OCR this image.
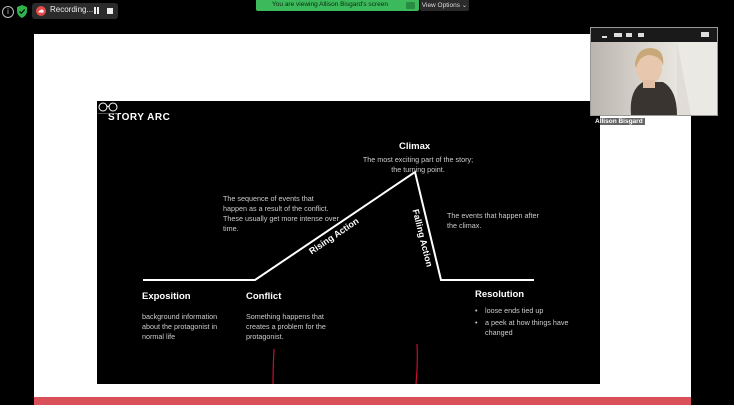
i	Recording...
You are viewing Allison Bisgard's screen	View Options ⌄
STORY ARC
Climax
The most exciting part of the story; the turning point.
The sequence of events that happen as a result of the conflict. These usually get more intense over time.	Rising Action	Falling Action The events that happen after the climax.
Exposition
background information about the protagonist in normal life
Conflict
Something happens that creates a problem for the protagonist.
Resolution
• loose ends tied up
• a peek at how things have changed
Allison Bisgard
